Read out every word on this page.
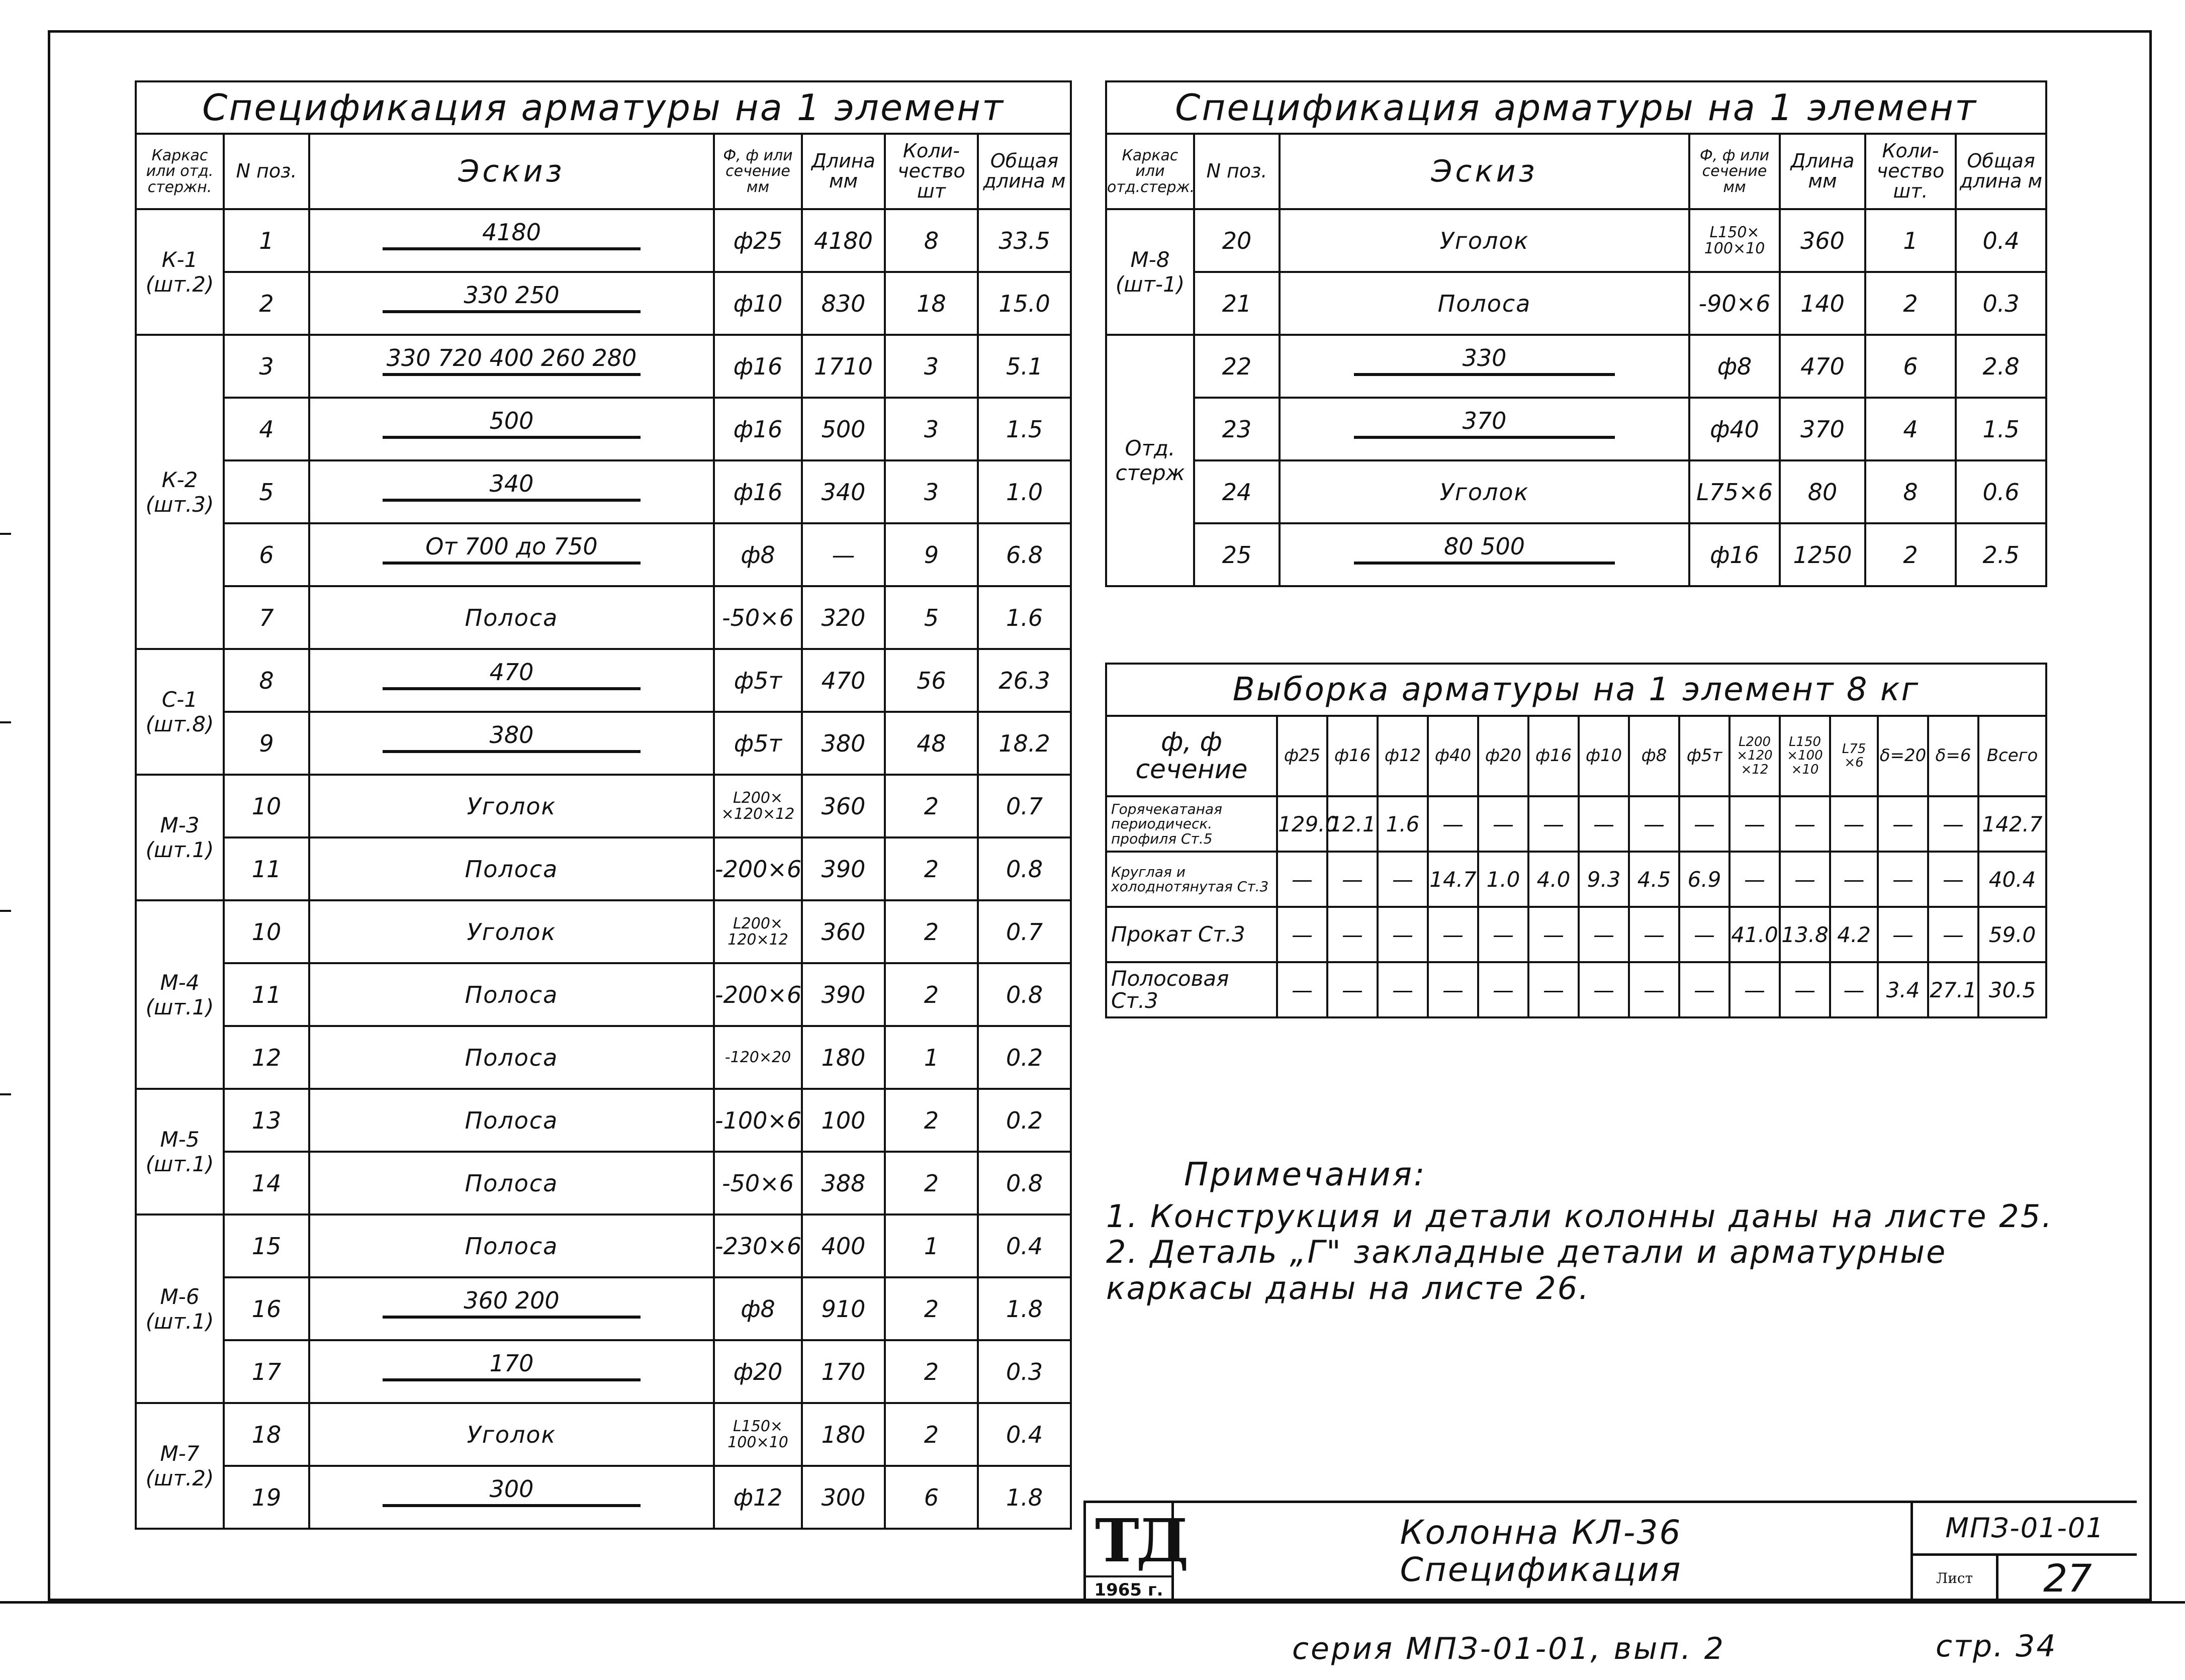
Спецификация арматуры на 1 элемент						
Каркас или отд. стержн.	N поз.	Эскиз	Ф, ф или сечение мм	Длина мм	Коли-чество шт	Общая длина м
К-1 (шт.2)	1	4180	ф25	4180	8	33.5
	2	330 250	ф10	830	18	15.0
К-2 (шт.3)	3	330 720 400 260 280	ф16	1710	3	5.1
	4	500	ф16	500	3	1.5
	5	340	ф16	340	3	1.0
	6	От 700 до 750	ф8	—	9	6.8
	7	Полоса	-50×6	320	5	1.6
С-1 (шт.8)	8	470	ф5т	470	56	26.3
	9	380	ф5т	380	48	18.2
М-3 (шт.1)	10	Уголок	L200× ×120×12	360	2	0.7
	11	Полоса	-200×6	390	2	0.8
М-4 (шт.1)	10	Уголок	L200× 120×12	360	2	0.7
	11	Полоса	-200×6	390	2	0.8
	12	Полоса	-120×20	180	1	0.2
М-5 (шт.1)	13	Полоса	-100×6	100	2	0.2
	14	Полоса	-50×6	388	2	0.8
М-6 (шт.1)	15	Полоса	-230×6	400	1	0.4
	16	360 200	ф8	910	2	1.8
	17	170	ф20	170	2	0.3
М-7 (шт.2)	18	Уголок	L150× 100×10	180	2	0.4
	19	300	ф12	300	6	1.8
Спецификация арматуры на 1 элемент						
Каркас или отд.стерж.	N поз.	Эскиз	Ф, ф или сечение мм	Длина мм	Коли-чество шт.	Общая длина м
М-8 (шт-1)	20	Уголок	L150× 100×10	360	1	0.4
	21	Полоса	-90×6	140	2	0.3
Отд. стерж	22	330	ф8	470	6	2.8
	23	370	ф40	370	4	1.5
	24	Уголок	L75×6	80	8	0.6
	25	80 500	ф16	1250	2	2.5
Выборка арматуры на 1 элемент 8 кг															
ф, ф сечение	ф25	ф16	ф12	ф40	ф20	ф16	ф10	ф8	ф5т	L200 ×120 ×12	L150 ×100 ×10	L75 ×6	δ=20	δ=6	Всего
Горячекатаная периодическ. профиля Ст.5	129.0	12.1	1.6	—	—	—	—	—	—	—	—	—	—	—	142.7
Круглая и холоднотянутая Ст.3	—	—	—	14.7	1.0	4.0	9.3	4.5	6.9	—	—	—	—	—	40.4
Прокат Ст.3	—	—	—	—	—	—	—	—	—	41.0	13.8	4.2	—	—	59.0
Полосовая Ст.3	—	—	—	—	—	—	—	—	—	—	—	—	3.4	27.1	30.5
Примечания:
1. Конструкция и детали колонны даны на листе 25.
2. Деталь „Г" закладные детали и арматурные каркасы даны на листе 26.
ТД
1965 г.
Колонна КЛ-36
Спецификация
МПЗ-01-01
Лист	27
серия МПЗ-01-01, вып. 2	стр. 34
